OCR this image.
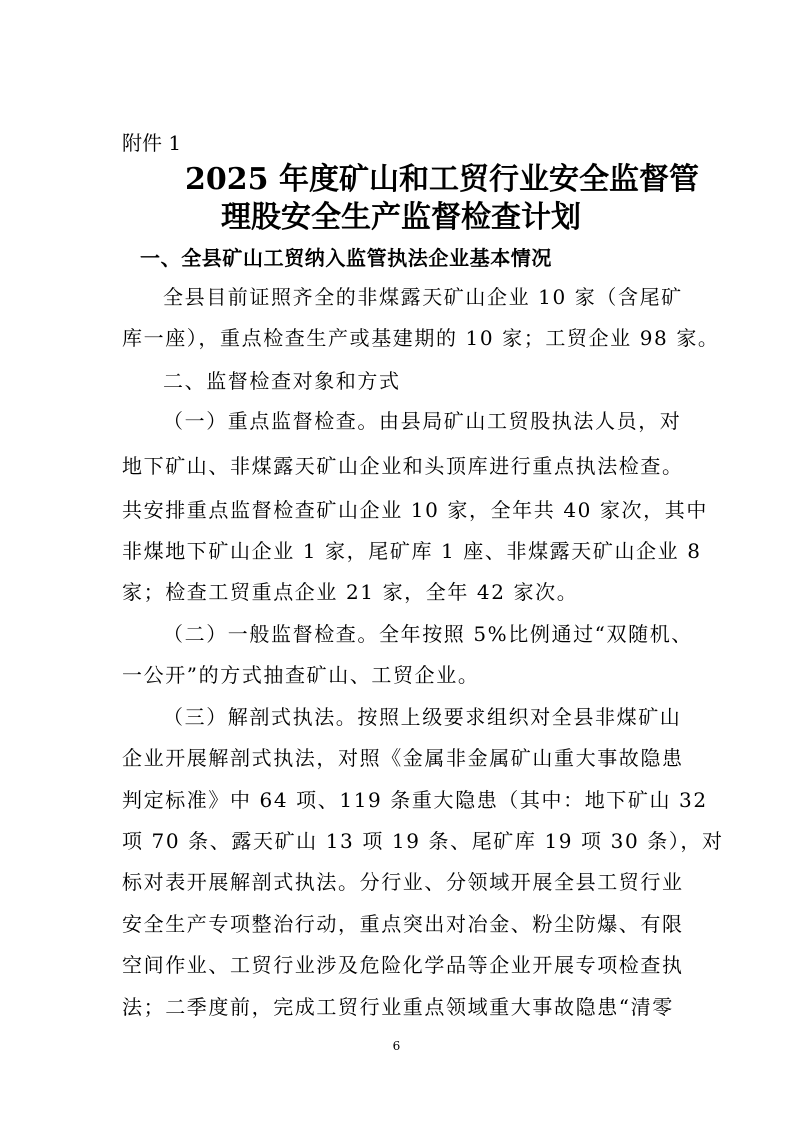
附件 1
2025 年度矿山和工贸行业安全监督管
理股安全生产监督检查计划
一、全县矿山工贸纳入监管执法企业基本情况
全县目前证照齐全的非煤露天矿山企业 10 家（含尾矿
库一座），重点检查生产或基建期的 10 家；工贸企业 98 家。
二、监督检查对象和方式
（一）重点监督检查。由县局矿山工贸股执法人员，对
地下矿山、非煤露天矿山企业和头顶库进行重点执法检查。
共安排重点监督检查矿山企业 10 家，全年共 40 家次，其中
非煤地下矿山企业 1 家，尾矿库 1 座、非煤露天矿山企业 8
家；检查工贸重点企业 21 家，全年 42 家次。
（二）一般监督检查。全年按照 5%比例通过“双随机、
一公开”的方式抽查矿山、工贸企业。
（三）解剖式执法。按照上级要求组织对全县非煤矿山
企业开展解剖式执法，对照《金属非金属矿山重大事故隐患
判定标准》中 64 项、119 条重大隐患（其中：地下矿山 32
项 70 条、露天矿山 13 项 19 条、尾矿库 19 项 30 条），对
标对表开展解剖式执法。分行业、分领域开展全县工贸行业
安全生产专项整治行动，重点突出对冶金、粉尘防爆、有限
空间作业、工贸行业涉及危险化学品等企业开展专项检查执
法；二季度前，完成工贸行业重点领域重大事故隐患“清零
6
